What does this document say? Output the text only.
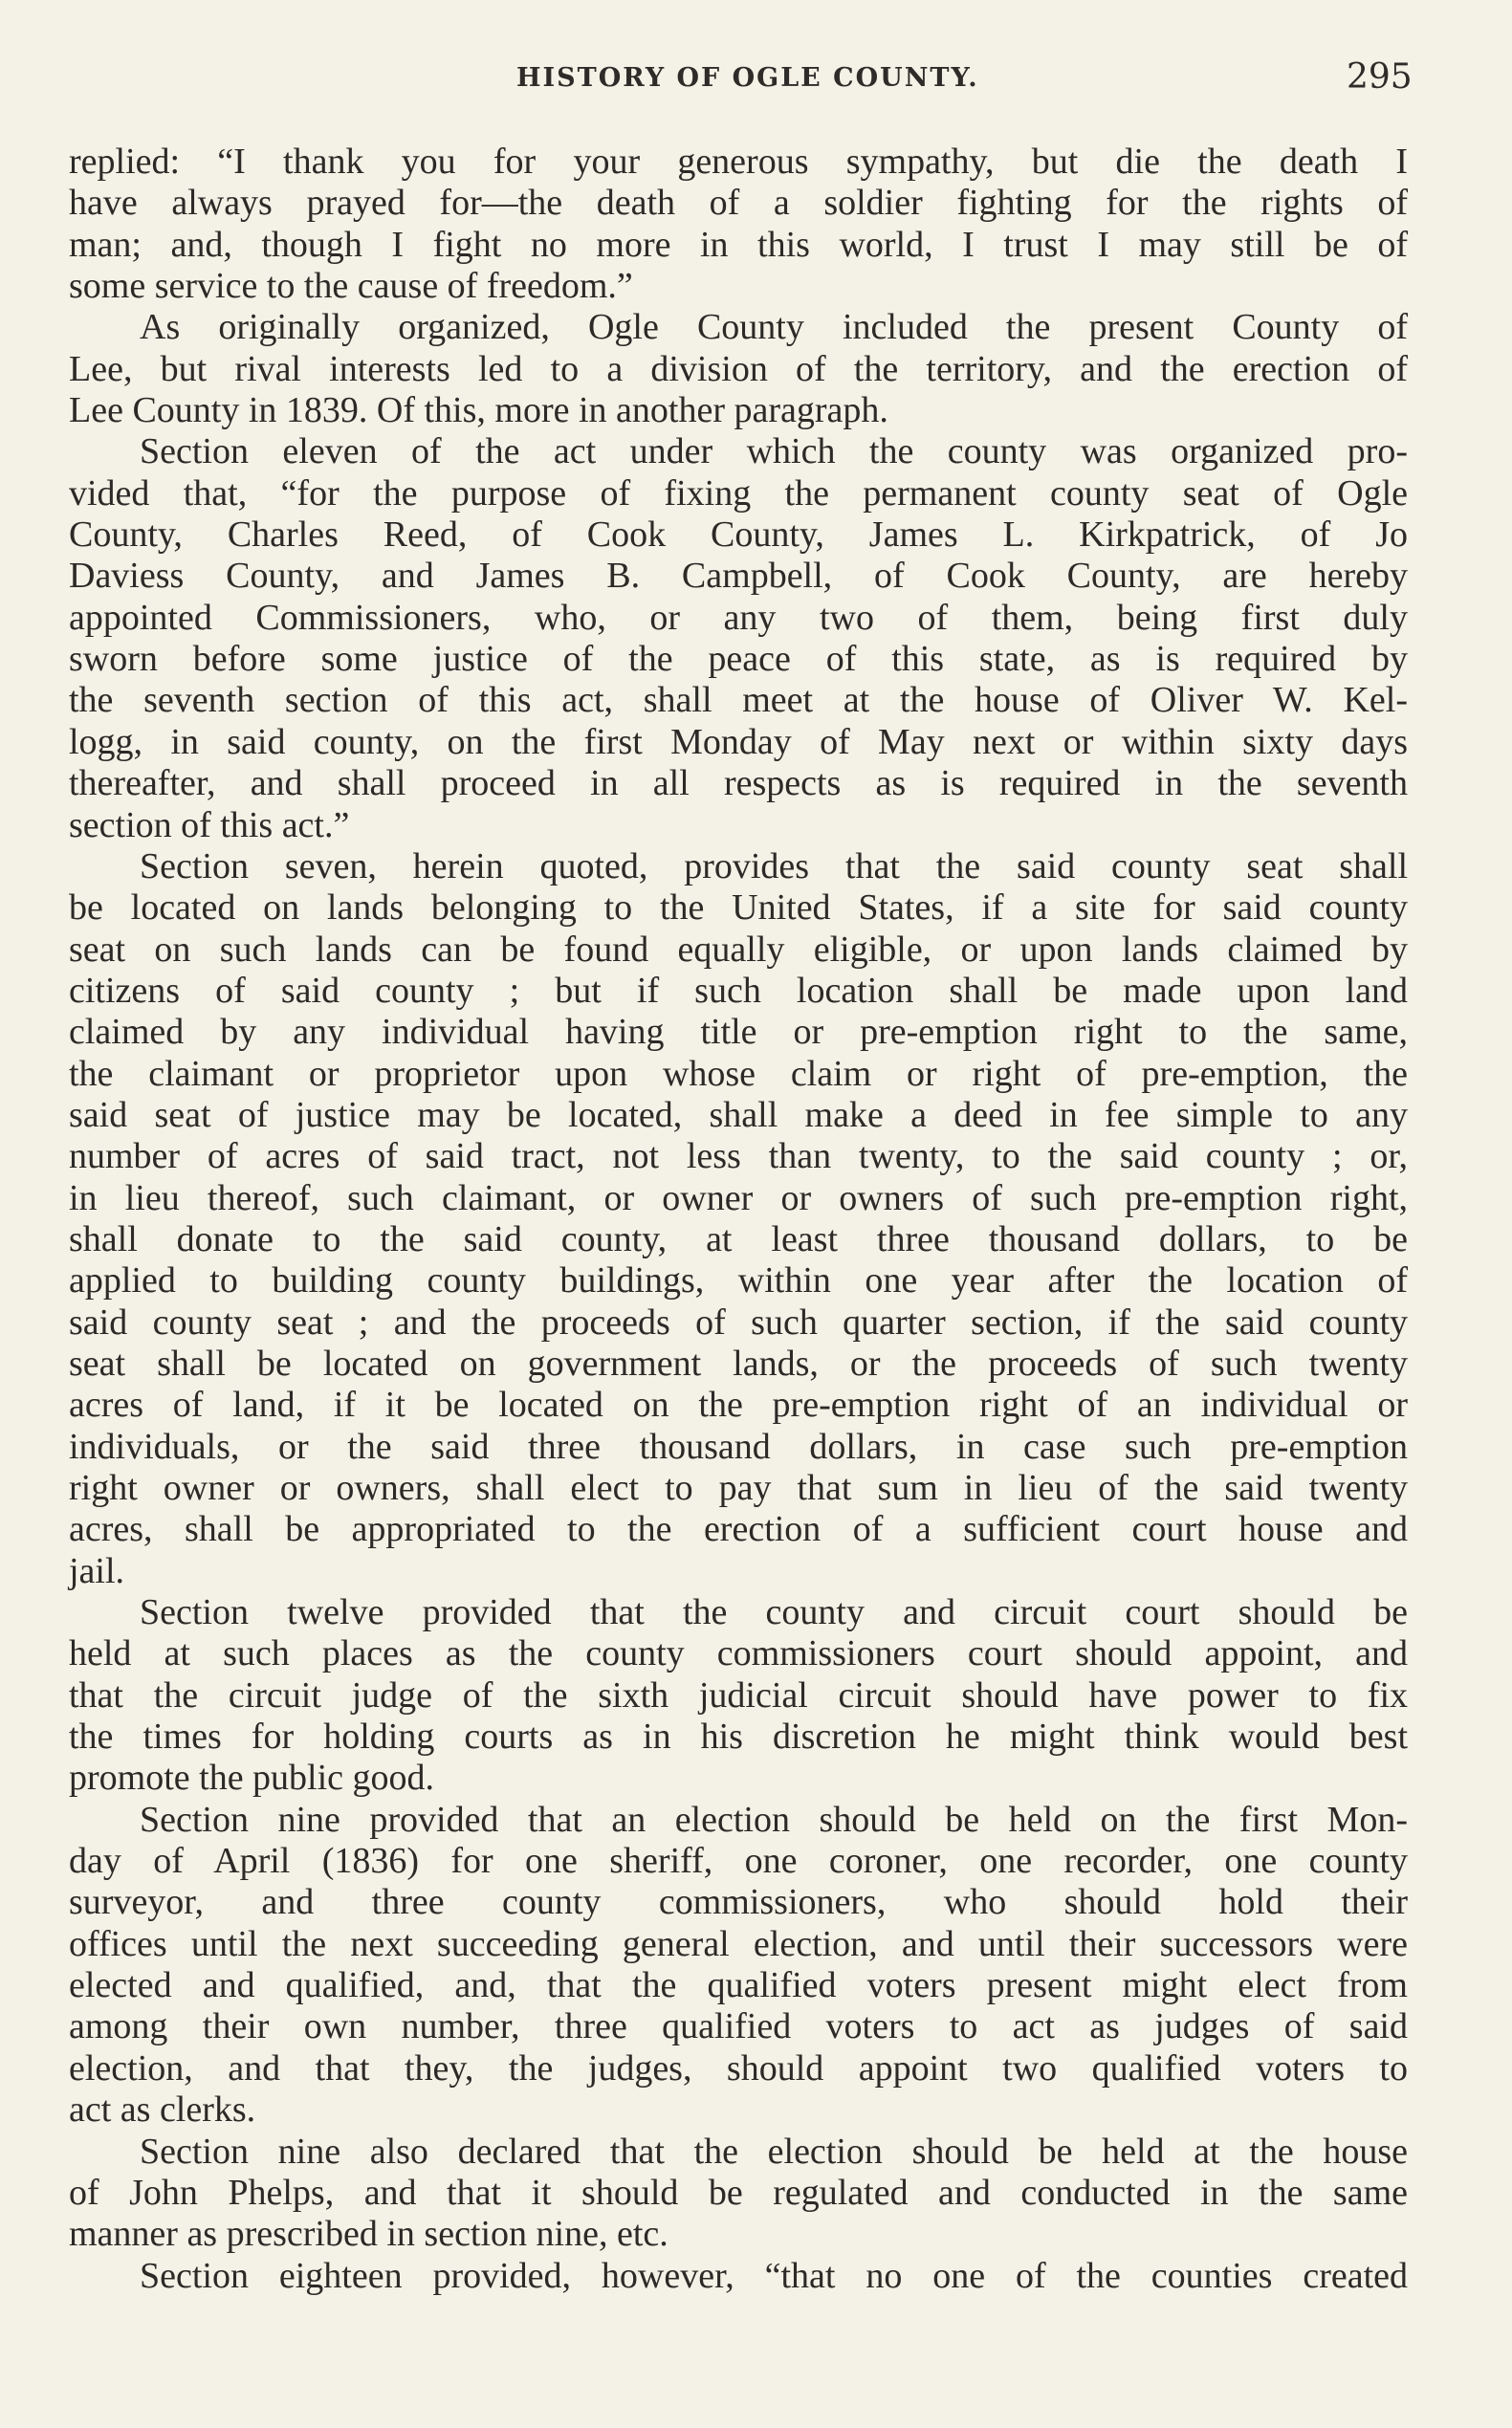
HISTORY OF OGLE COUNTY.	295
replied: “I thank you for your generous sympathy, but die the death I
have always prayed for—the death of a soldier fighting for the rights of
man; and, though I fight no more in this world, I trust I may still be of
some service to the cause of freedom.”
As originally organized, Ogle County included the present County of
Lee, but rival interests led to a division of the territory, and the erection of
Lee County in 1839. Of this, more in another paragraph.
Section eleven of the act under which the county was organized pro-
vided that, “for the purpose of fixing the permanent county seat of Ogle
County, Charles Reed, of Cook County, James L. Kirkpatrick, of Jo
Daviess County, and James B. Campbell, of Cook County, are hereby
appointed Commissioners, who, or any two of them, being first duly
sworn before some justice of the peace of this state, as is required by
the seventh section of this act, shall meet at the house of Oliver W. Kel-
logg, in said county, on the first Monday of May next or within sixty days
thereafter, and shall proceed in all respects as is required in the seventh
section of this act.”
Section seven, herein quoted, provides that the said county seat shall
be located on lands belonging to the United States, if a site for said county
seat on such lands can be found equally eligible, or upon lands claimed by
citizens of said county ; but if such location shall be made upon land
claimed by any individual having title or pre-emption right to the same,
the claimant or proprietor upon whose claim or right of pre-emption, the
said seat of justice may be located, shall make a deed in fee simple to any
number of acres of said tract, not less than twenty, to the said county ; or,
in lieu thereof, such claimant, or owner or owners of such pre-emption right,
shall donate to the said county, at least three thousand dollars, to be
applied to building county buildings, within one year after the location of
said county seat ; and the proceeds of such quarter section, if the said county
seat shall be located on government lands, or the proceeds of such twenty
acres of land, if it be located on the pre-emption right of an individual or
individuals, or the said three thousand dollars, in case such pre-emption
right owner or owners, shall elect to pay that sum in lieu of the said twenty
acres, shall be appropriated to the erection of a sufficient court house and
jail.
Section twelve provided that the county and circuit court should be
held at such places as the county commissioners court should appoint, and
that the circuit judge of the sixth judicial circuit should have power to fix
the times for holding courts as in his discretion he might think would best
promote the public good.
Section nine provided that an election should be held on the first Mon-
day of April (1836) for one sheriff, one coroner, one recorder, one county
surveyor, and three county commissioners, who should hold their
offices until the next succeeding general election, and until their successors were
elected and qualified, and, that the qualified voters present might elect from
among their own number, three qualified voters to act as judges of said
election, and that they, the judges, should appoint two qualified voters to
act as clerks.
Section nine also declared that the election should be held at the house
of John Phelps, and that it should be regulated and conducted in the same
manner as prescribed in section nine, etc.
Section eighteen provided, however, “that no one of the counties created
